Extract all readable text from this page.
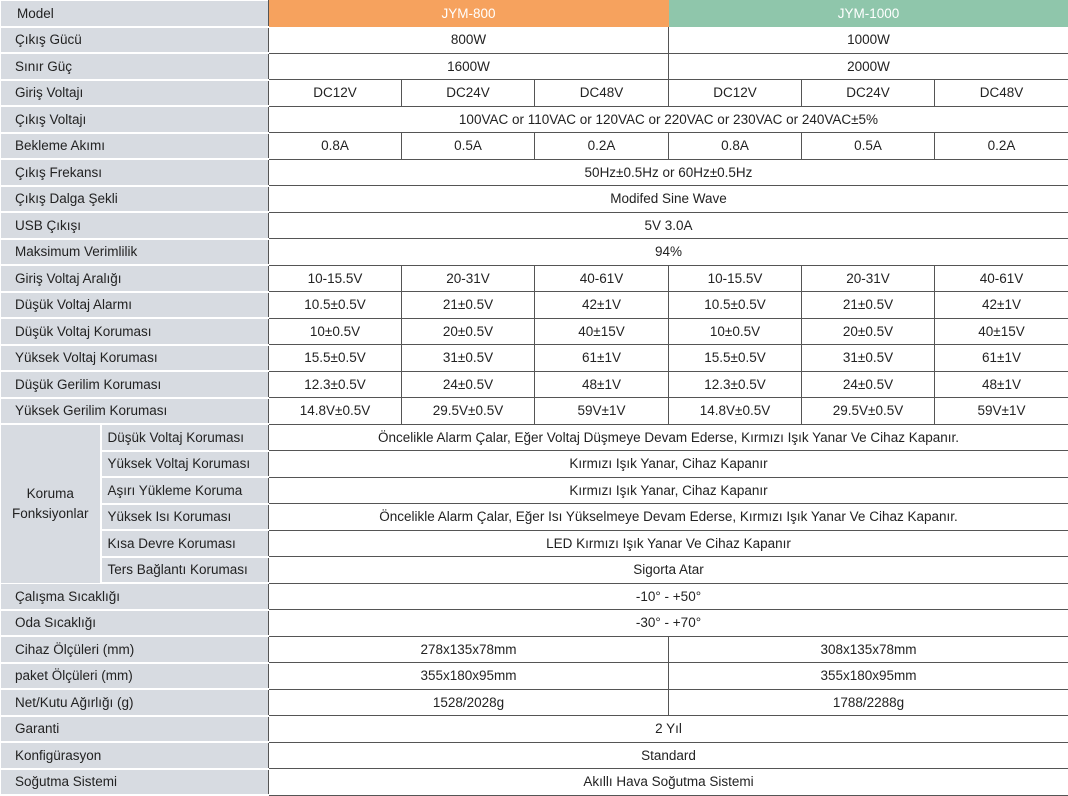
Model		JYM-800			JYM-1000		
Çıkış Gücü		800W			1000W		
Sınır Güç		1600W			2000W		
Giriş Voltajı		DC12V	DC24V	DC48V	DC12V	DC24V	DC48V
Çıkış Voltajı		100VAC or 110VAC or 120VAC or 220VAC or 230VAC or 240VAC±5%					
Bekleme Akımı		0.8A	0.5A	0.2A	0.8A	0.5A	0.2A
Çıkış Frekansı		50Hz±0.5Hz or 60Hz±0.5Hz					
Çıkış Dalga Şekli		Modifed Sine Wave					
USB Çıkışı		5V 3.0A					
Maksimum Verimlilik		94%					
Giriş Voltaj Aralığı		10-15.5V	20-31V	40-61V	10-15.5V	20-31V	40-61V
Düşük Voltaj Alarmı		10.5±0.5V	21±0.5V	42±1V	10.5±0.5V	21±0.5V	42±1V
Düşük Voltaj Koruması		10±0.5V	20±0.5V	40±15V	10±0.5V	20±0.5V	40±15V
Yüksek Voltaj Koruması		15.5±0.5V	31±0.5V	61±1V	15.5±0.5V	31±0.5V	61±1V
Düşük Gerilim Koruması		12.3±0.5V	24±0.5V	48±1V	12.3±0.5V	24±0.5V	48±1V
Yüksek Gerilim Koruması		14.8V±0.5V	29.5V±0.5V	59V±1V	14.8V±0.5V	29.5V±0.5V	59V±1V
Koruma
Fonksiyonlar	Düşük Voltaj Koruması	Öncelikle Alarm Çalar, Eğer Voltaj Düşmeye Devam Ederse, Kırmızı Işık Yanar Ve Cihaz Kapanır.					
	Yüksek Voltaj Koruması	Kırmızı Işık Yanar, Cihaz Kapanır					
	Aşırı Yükleme Koruma	Kırmızı Işık Yanar, Cihaz Kapanır					
	Yüksek Isı Koruması	Öncelikle Alarm Çalar, Eğer Isı Yükselmeye Devam Ederse, Kırmızı Işık Yanar Ve Cihaz Kapanır.					
	Kısa Devre Koruması	LED Kırmızı Işık Yanar Ve Cihaz Kapanır					
	Ters Bağlantı Koruması	Sigorta Atar					
Çalışma Sıcaklığı		-10° - +50°					
Oda Sıcaklığı		-30° - +70°					
Cihaz Ölçüleri (mm)		278x135x78mm			308x135x78mm		
paket Ölçüleri (mm)		355x180x95mm			355x180x95mm		
Net/Kutu Ağırlığı (g)		1528/2028g			1788/2288g		
Garanti		2 Yıl					
Konfigürasyon		Standard					
Soğutma Sistemi		Akıllı Hava Soğutma Sistemi					
